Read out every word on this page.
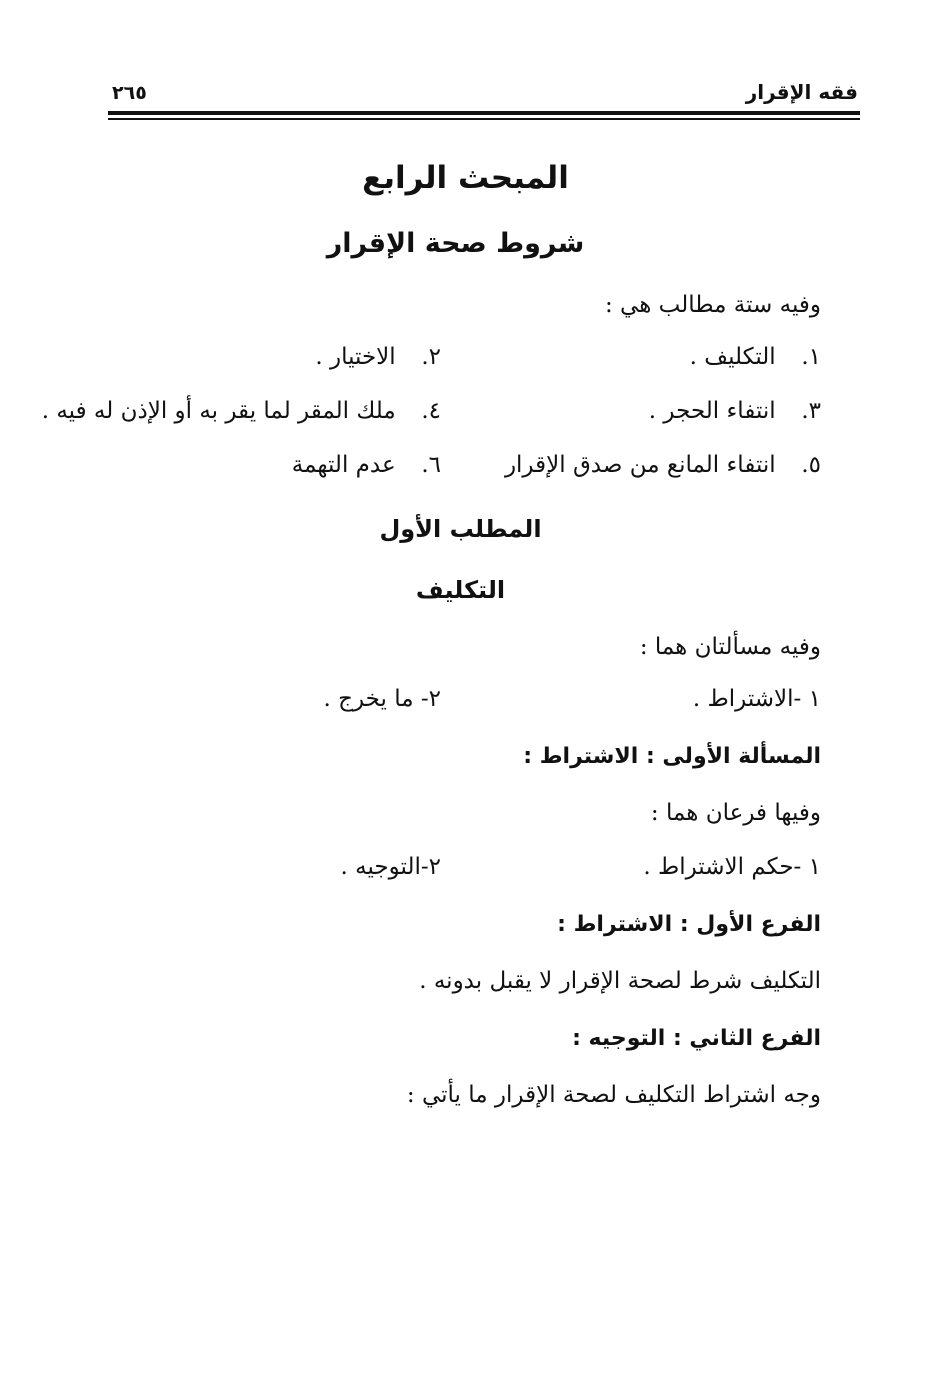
فقه الإقرار
٢٦٥
المبحث الرابع
شروط صحة الإقرار
وفيه ستة مطالب هي :
١. التكليف .
٢. الاختيار .
٣. انتفاء الحجر .
٤. ملك المقر لما يقر به أو الإذن له فيه .
٥. انتفاء المانع من صدق الإقرار
٦. عدم التهمة
المطلب الأول
التكليف
وفيه مسألتان هما :
١ -الاشتراط .
٢- ما يخرج .
المسألة الأولى : الاشتراط :
وفيها فرعان هما :
١ -حكم الاشتراط .
٢-التوجيه .
الفرع الأول : الاشتراط :
التكليف شرط لصحة الإقرار لا يقبل بدونه .
الفرع الثاني : التوجيه :
وجه اشتراط التكليف لصحة الإقرار ما يأتي :
